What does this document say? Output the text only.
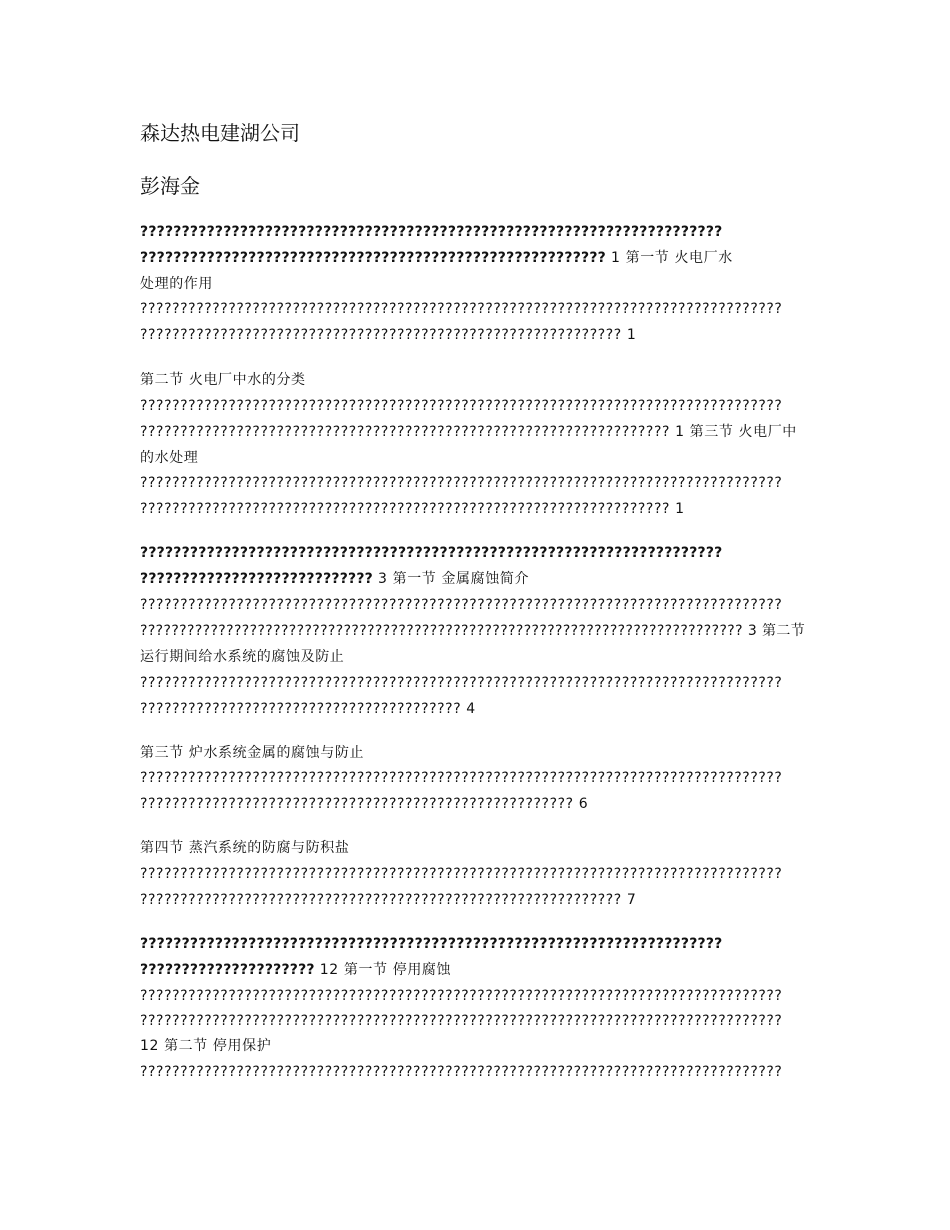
森达热电建湖公司
彭海金
??????????????????????????????????????????????????????????????????????
???????????????????????????????????????????????????????? 1 第一节 火电厂水
处理的作用
????????????????????????????????????????????????????????????????????????????????
???????????????????????????????????????????????????????????? 1
第二节 火电厂中水的分类
????????????????????????????????????????????????????????????????????????????????
?????????????????????????????????????????????????????????????????? 1 第三节 火电厂中
的水处理
????????????????????????????????????????????????????????????????????????????????
?????????????????????????????????????????????????????????????????? 1
??????????????????????????????????????????????????????????????????????
???????????????????????????? 3 第一节 金属腐蚀简介
????????????????????????????????????????????????????????????????????????????????
????????????????????????????????????????????????????????????????????????????? 3 第二节
运行期间给水系统的腐蚀及防止
????????????????????????????????????????????????????????????????????????????????
???????????????????????????????????????? 4
第三节 炉水系统金属的腐蚀与防止
????????????????????????????????????????????????????????????????????????????????
?????????????????????????????????????????????????????? 6
第四节 蒸汽系统的防腐与防积盐
????????????????????????????????????????????????????????????????????????????????
???????????????????????????????????????????????????????????? 7
??????????????????????????????????????????????????????????????????????
????????????????????? 12 第一节 停用腐蚀
????????????????????????????????????????????????????????????????????????????????
????????????????????????????????????????????????????????????????????????????????
12 第二节 停用保护
????????????????????????????????????????????????????????????????????????????????
